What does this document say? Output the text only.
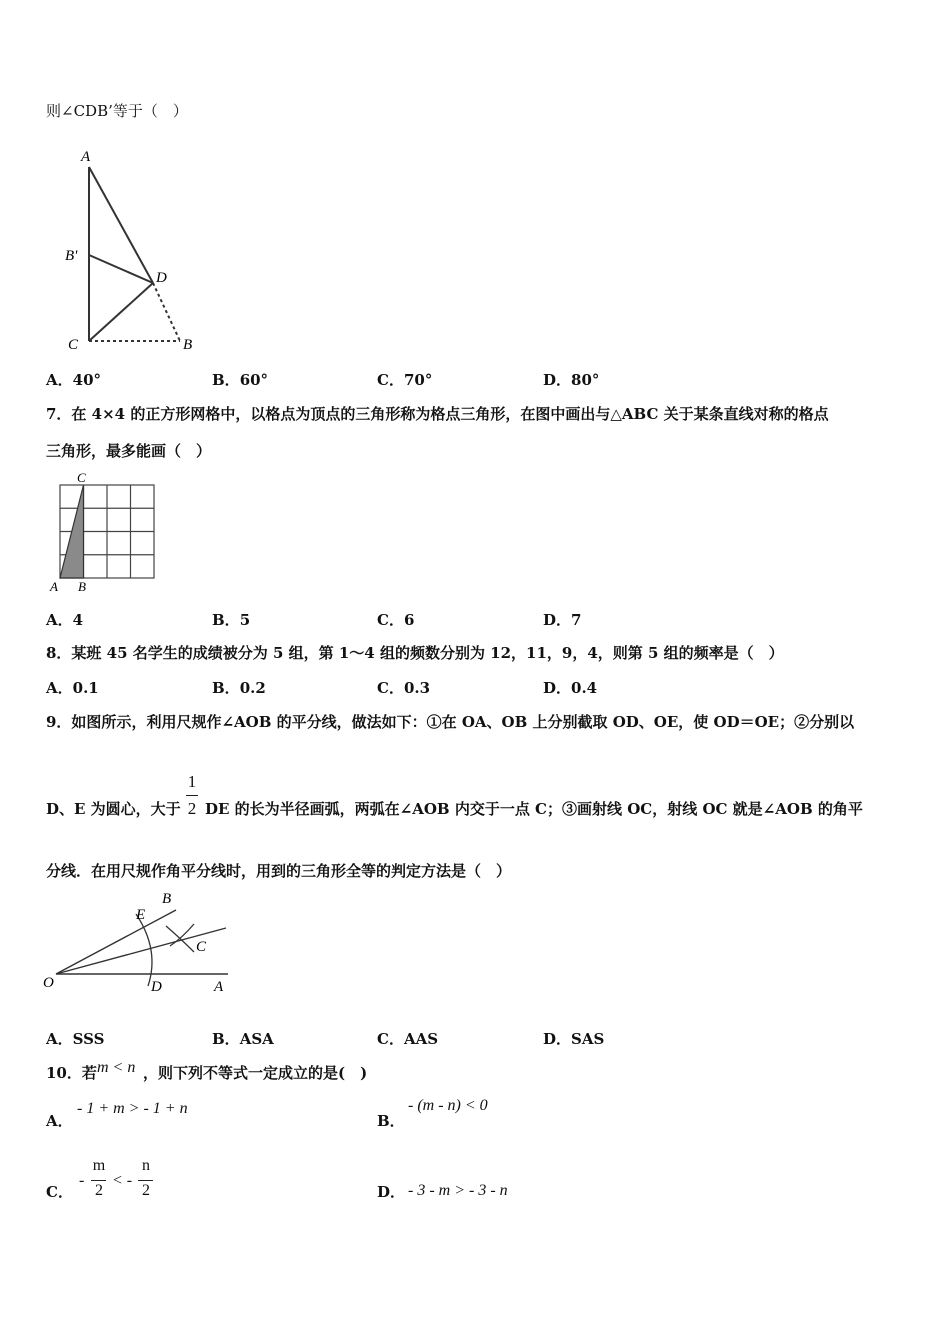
则∠CDB’等于（　）
A
B'
D
C	B
A．40°	B．60°	C．70°	D．80°
7．在 4×4 的正方形网格中，以格点为顶点的三角形称为格点三角形，在图中画出与△ABC 关于某条直线对称的格点
三角形，最多能画（　）
C
A B
A．4	B．5	C．6	D．7
8．某班 45 名学生的成绩被分为 5 组，第 1～4 组的频数分别为 12，11，9，4，则第 5 组的频率是（　）
A．0.1	B．0.2	C．0.3	D．0.4
9．如图所示，利用尺规作∠AOB 的平分线，做法如下：①在 OA、OB 上分别截取 OD、OE，使 OD＝OE；②分别以
D、E 为圆心，大于
1
2 DE 的长为半径画弧，两弧在∠AOB 内交于一点 C；③画射线 OC，射线 OC 就是∠AOB 的角平
分线．在用尺规作角平分线时，用到的三角形全等的判定方法是（　）
O	A
B
E
C
D
A．SSS	B．ASA	C．AAS	D．SAS
10．若 m < n ，则下列不等式一定成立的是(　)
A．
- 1 + m > - 1 + n
B．
- (m - n) < 0
C．
-
m
2
< -
n
2	D． - 3 - m > - 3 - n
